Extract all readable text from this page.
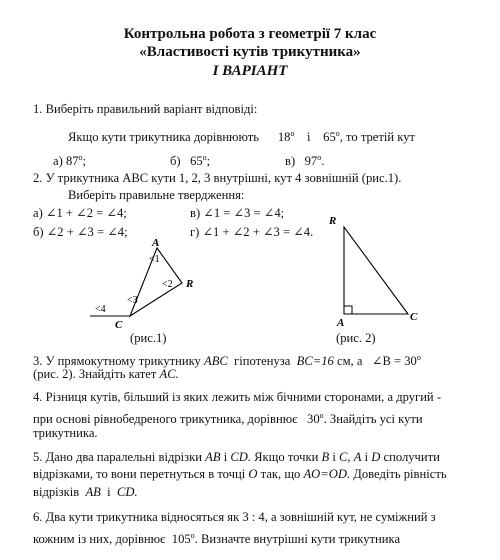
Контрольна робота з геометрії 7 клас
«Властивості кутів трикутника»
I ВАРІАНТ
1. Виберіть правильний варіант відповіді:
Якщо кути трикутника дорівнюють 18$^o$ і 65$^o$, то третій кут
а) 87$^o$;	б) 65$^o$;	в) 97$^o$.
2. У трикутника ABC кути 1, 2, 3 внутрішні, кут 4 зовнішній (рис.1).
Виберіть правильне твердження:
а) ∠1 + ∠2 = ∠4;	в) ∠1 = ∠3 = ∠4;
б) ∠2 + ∠3 = ∠4;	г) ∠1 + ∠2 + ∠3 = ∠4.
A
R
C
<1
<2
<3
<4
(рис.1)
R
A	C
(рис. 2)
3. У прямокутному трикутнику ABC гіпотенуза BC=16 см, а ∠B = $30^o$
(рис. 2). Знайдіть катет AC.
4. Різниця кутів, більший із яких лежить між бічними сторонами, а другий -
при основі рівнобедреного трикутника, дорівнює 30$^o$. Знайдіть усі кути
трикутника.
5. Дано два паралельні відрізки AB і CD. Якщо точки B і C, A і D сполучити
відрізками, то вони перетнуться в точці O так, що AO=OD. Доведіть рівність
відрізків AB і CD.
6. Два кути трикутника відносяться як 3 : 4, а зовнішній кут, не суміжний з
кожним із них, дорівнює 105$^o$. Визначте внутрішні кути трикутника
